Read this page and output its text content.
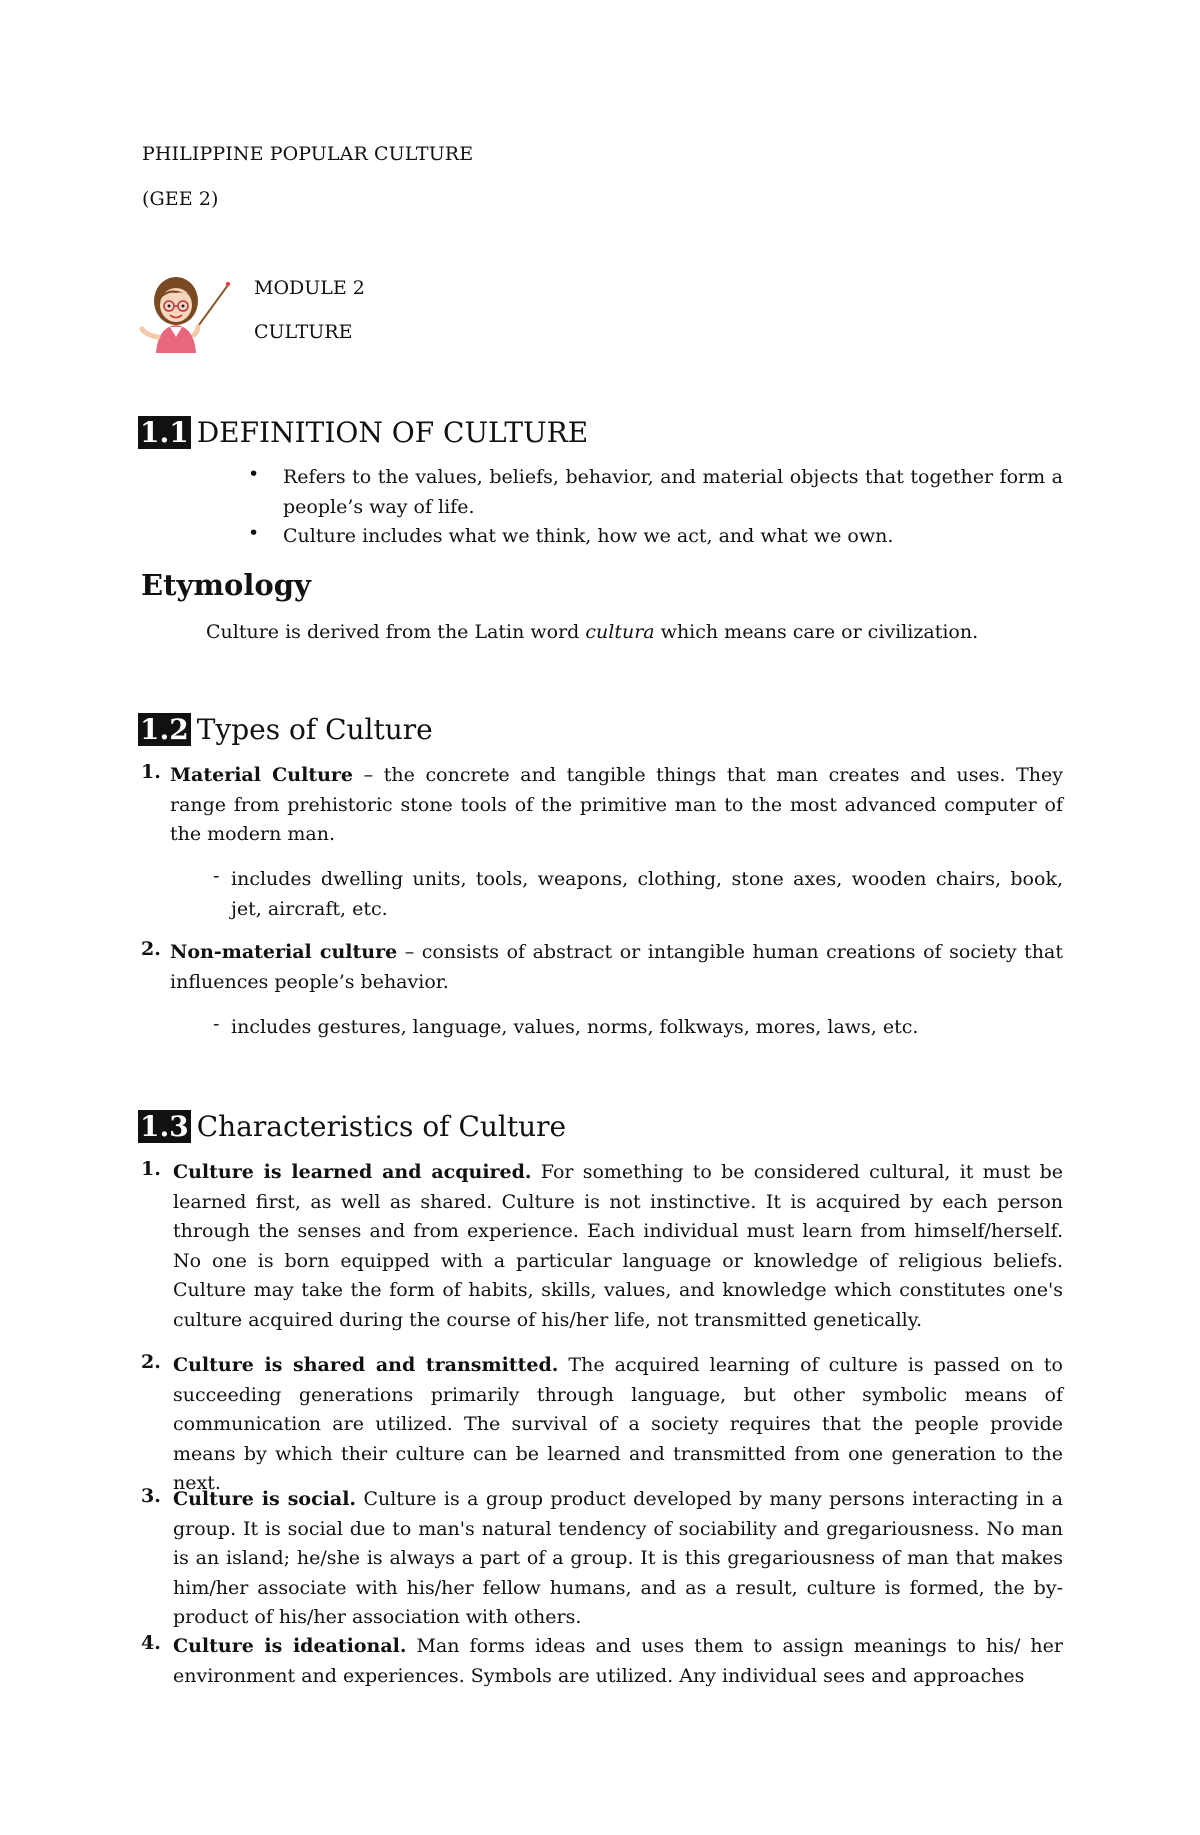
PHILIPPINE POPULAR CULTURE
(GEE 2)
MODULE 2
CULTURE
1.1 DEFINITION OF CULTURE
• Refers to the values, beliefs, behavior, and material objects that together form a people’s way of life.
• Culture includes what we think, how we act, and what we own.
Etymology
Culture is derived from the Latin word cultura which means care or civilization.
1.2 Types of Culture
1. Material Culture – the concrete and tangible things that man creates and uses. They range from prehistoric stone tools of the primitive man to the most advanced computer of the modern man.
- includes dwelling units, tools, weapons, clothing, stone axes, wooden chairs, book, jet, aircraft, etc.
2. Non-material culture – consists of abstract or intangible human creations of society that influences people’s behavior.
- includes gestures, language, values, norms, folkways, mores, laws, etc.
1.3 Characteristics of Culture
1. Culture is learned and acquired. For something to be considered cultural, it must be learned first, as well as shared. Culture is not instinctive. It is acquired by each person through the senses and from experience. Each individual must learn from himself/herself. No one is born equipped with a particular language or knowledge of religious beliefs. Culture may take the form of habits, skills, values, and knowledge which constitutes one's culture acquired during the course of his/her life, not transmitted genetically.
2. Culture is shared and transmitted. The acquired learning of culture is passed on to succeeding generations primarily through language, but other symbolic means of communication are utilized. The survival of a society requires that the people provide means by which their culture can be learned and transmitted from one generation to the next.
3. Culture is social. Culture is a group product developed by many persons interacting in a group. It is social due to man's natural tendency of sociability and gregariousness. No man is an island; he/she is always a part of a group. It is this gregariousness of man that makes him/her associate with his/her fellow humans, and as a result, culture is formed, the by-product of his/her association with others.
4. Culture is ideational. Man forms ideas and uses them to assign meanings to his/ her environment and experiences. Symbols are utilized. Any individual sees and approaches
